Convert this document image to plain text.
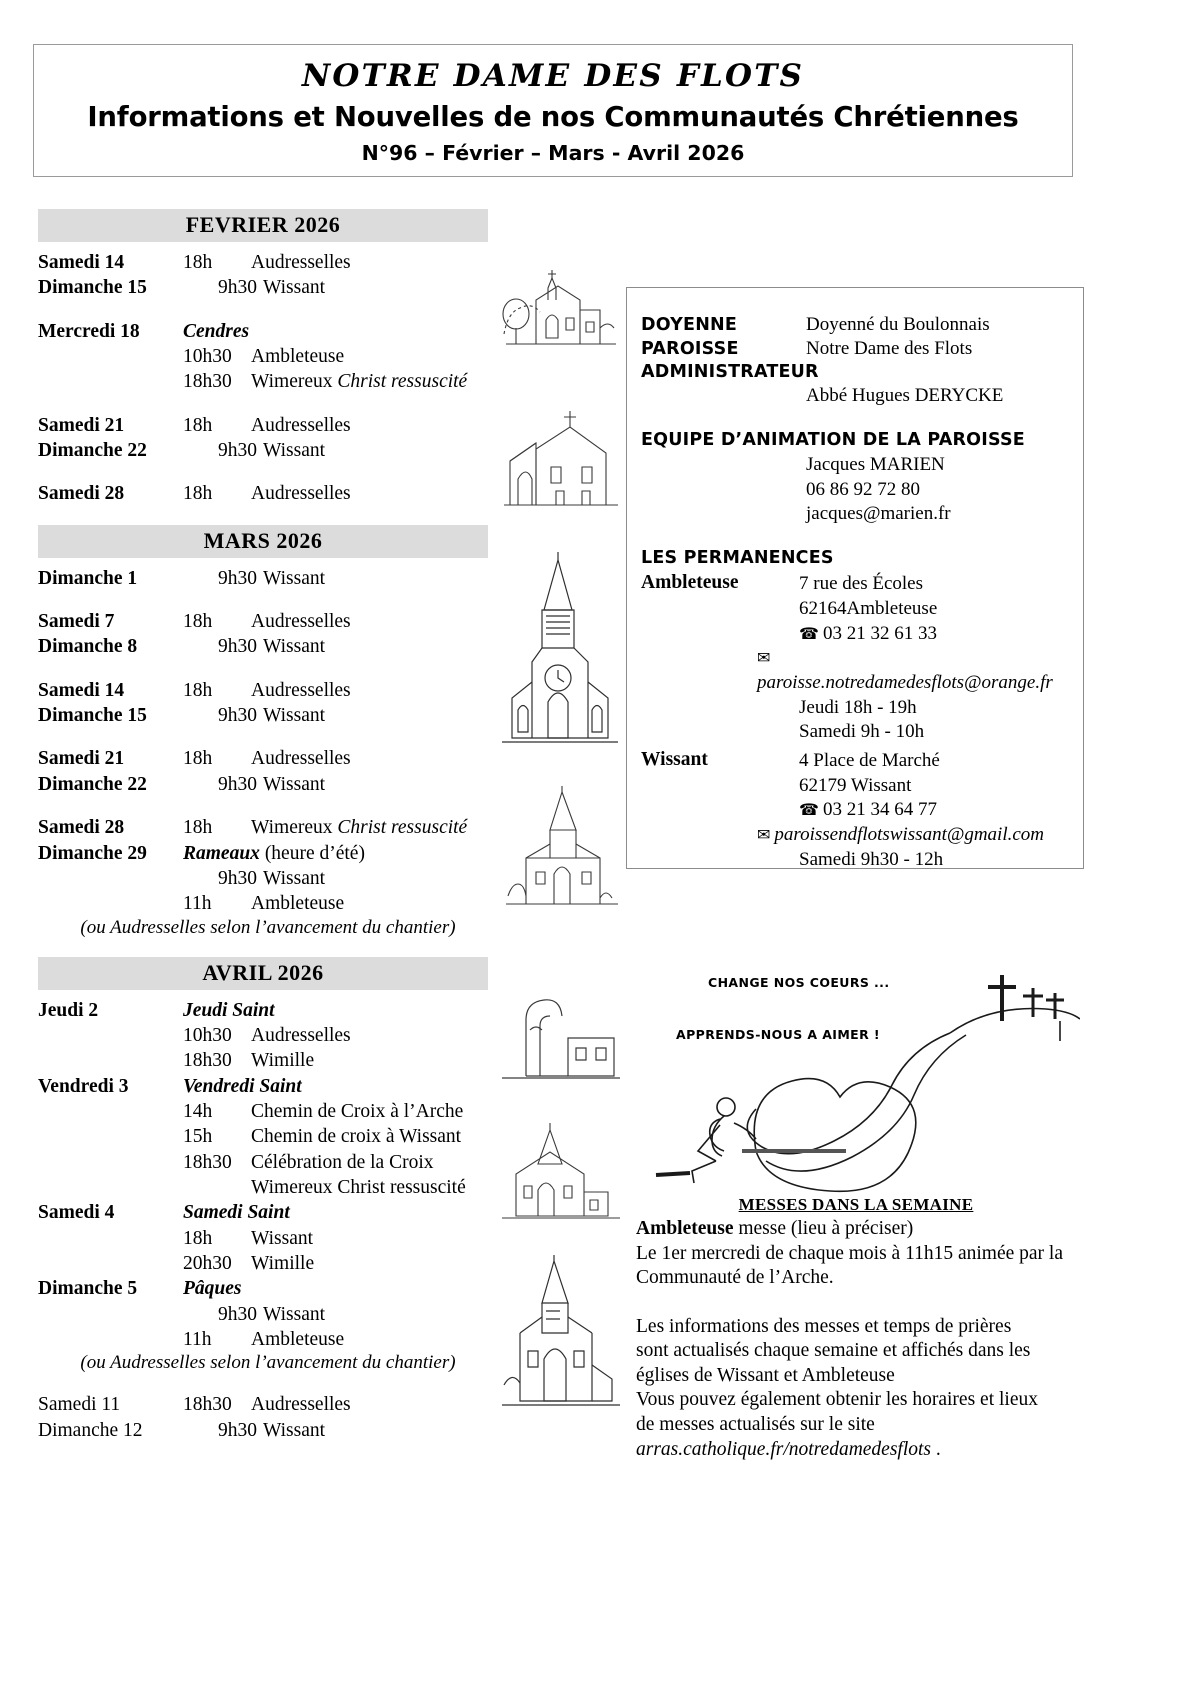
NOTRE DAME DES FLOTS
Informations et Nouvelles de nos Communautés Chrétiennes
N°96 – Février – Mars - Avril 2026
FEVRIER 2026
Samedi 14	18h	Audresselles
Dimanche 15	9h30 Wissant
Mercredi 18	Cendres
10h30 Ambleteuse
18h30 Wimereux Christ ressuscité
Samedi 21	18h	Audresselles
Dimanche 22	9h30 Wissant
Samedi 28	18h	Audresselles
MARS 2026
Dimanche 1	9h30 Wissant
Samedi 7	18h	Audresselles
Dimanche 8	9h30 Wissant
Samedi 14	18h	Audresselles
Dimanche 15	9h30 Wissant
Samedi 21	18h	Audresselles
Dimanche 22	9h30 Wissant
Samedi 28	18h	Wimereux Christ ressuscité
Dimanche 29	Rameaux (heure d’été)
9h30 Wissant
11h	Ambleteuse
(ou Audresselles selon l’avancement du chantier)
AVRIL 2026
Jeudi 2	Jeudi Saint
10h30 Audresselles
18h30 Wimille
Vendredi 3	Vendredi Saint
14h	Chemin de Croix à l’Arche
15h	Chemin de croix à Wissant
18h30 Célébration de la Croix
Wimereux Christ ressuscité
Samedi 4	Samedi Saint
18h	Wissant
20h30 Wimille
Dimanche 5	Pâques
9h30 Wissant
11h	Ambleteuse
(ou Audresselles selon l’avancement du chantier)
Samedi 11	18h30 Audresselles
Dimanche 12	9h30 Wissant
DOYENNE	Doyenné du Boulonnais
PAROISSE	Notre Dame des Flots
ADMINISTRATEUR
Abbé Hugues DERYCKE
EQUIPE D’ANIMATION DE LA PAROISSE
Jacques MARIEN
06 86 92 72 80
jacques@marien.fr
LES PERMANENCES
Ambleteuse	7 rue des Écoles
62164Ambleteuse
☎ 03 21 32 61 33
✉ paroisse.notredamedesflots@orange.fr
Jeudi 18h - 19h
Samedi 9h - 10h
Wissant	4 Place de Marché
62179 Wissant
☎ 03 21 34 64 77
✉ paroissendflotswissant@gmail.com
Samedi 9h30 - 12h
CHANGE NOS COEURS ...
APPRENDS-NOUS A AIMER !
MESSES DANS LA SEMAINE
Ambleteuse messe (lieu à préciser)
Le 1er mercredi de chaque mois à 11h15 animée par la
Communauté de l’Arche.
Les informations des messes et temps de prières
sont actualisés chaque semaine et affichés dans les
églises de Wissant et Ambleteuse
Vous pouvez également obtenir les horaires et lieux
de messes actualisés sur le site
arras.catholique.fr/notredamedesflots .
